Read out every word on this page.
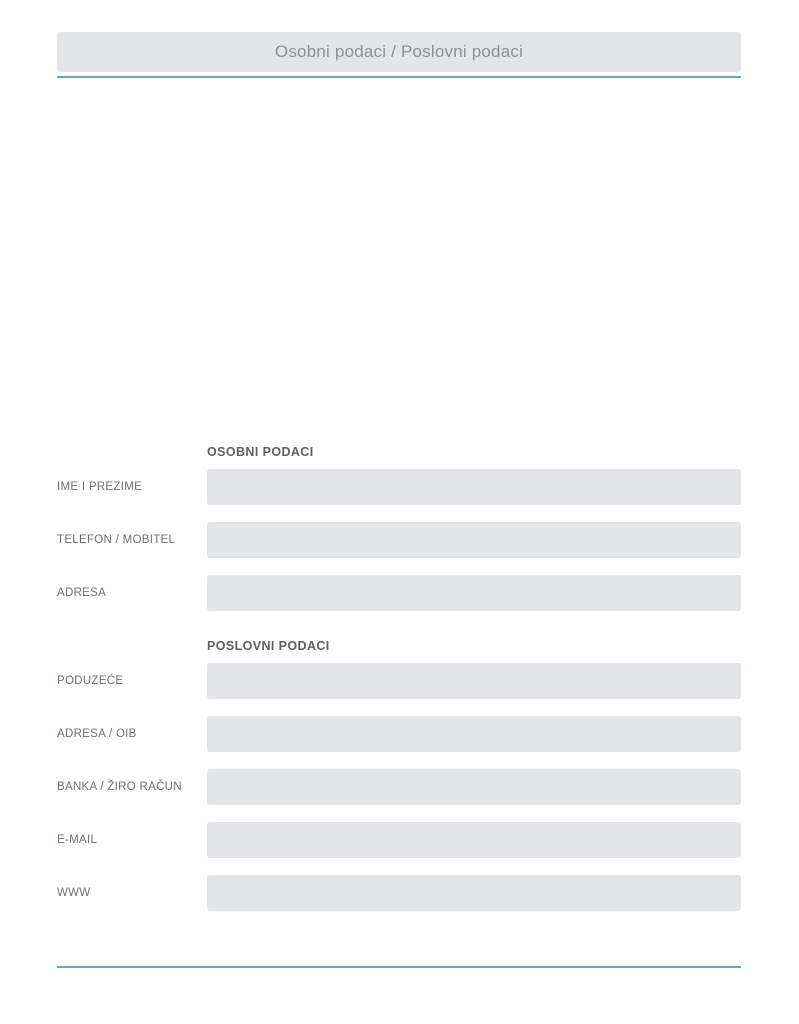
Osobni podaci / Poslovni podaci
OSOBNI PODACI
IME I PREZIME
TELEFON / MOBITEL
ADRESA
POSLOVNI PODACI
PODUZEĆE
ADRESA / OIB
BANKA / ŽIRO RAČUN
E-MAIL
WWW
